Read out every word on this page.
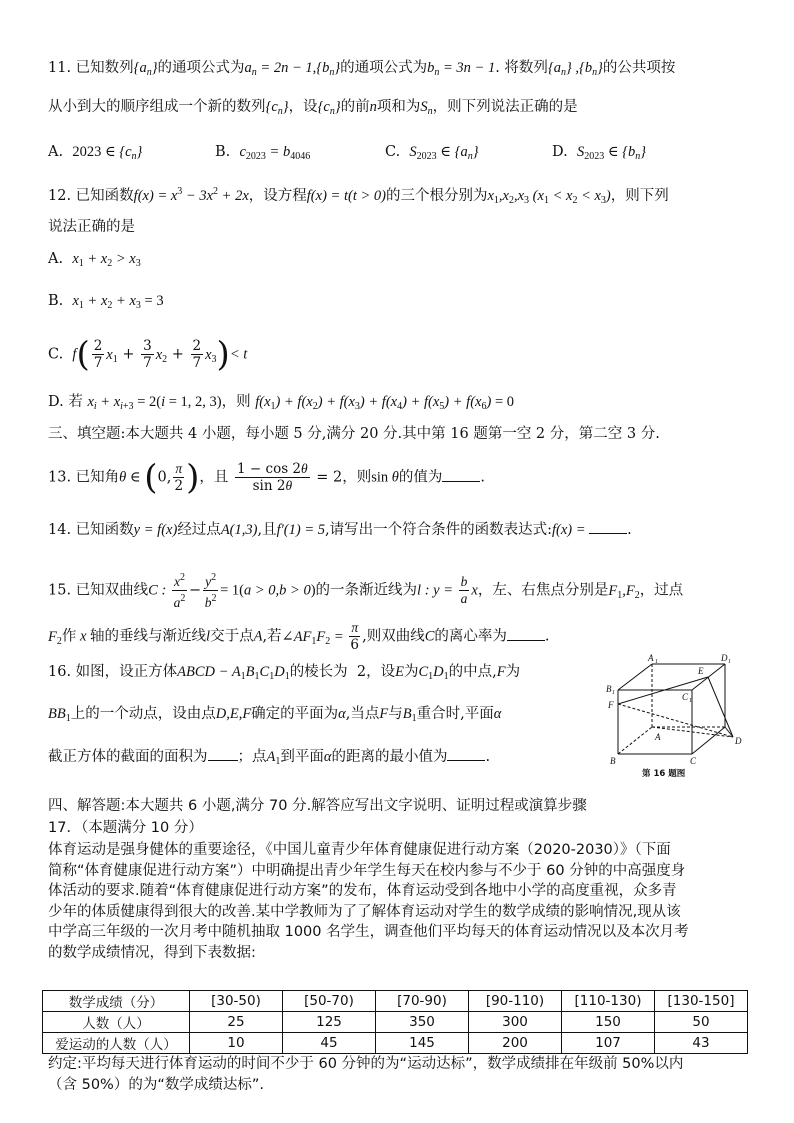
11. 已知数列$\{a_n\}$的通项公式为$a_n = 2n - 1,\{b_n\}$的通项公式为$b_n = 3n - 1$. 将数列$\{a_n\}$ $,\{b_n\}$的公共项按
从小到大的顺序组成一个新的数列$\{c_n\}$，设$\{c_n\}$的前n项和为$S_n$，则下列说法正确的是
A. 2023 ∈ $\{c_n\}$	B. $c_{2023} = b_{4046}$	C. $S_{2023}$ ∈ $\{a_n\}$	D. $S_{2023}$ ∈ $\{b_n\}$
12. 已知函数$f(x) = x^3 - 3x^2 + 2x$，设方程f(x) = t(t > 0)的三个根分别为$x_1,x_2,x_3$ $(x_1 < x_2 < x_3)$，则下列
说法正确的是
A. $x_1 + x_2 > x_3$
B. $x_1 + x_2 + x_3 = 3$
C. $f( \frac{2}{7} x_1 + \frac{3}{7} x_2 + \frac{2}{7} x_3)< t$
D. 若 $x_i + x_{i+3} = 2(i = 1$, 2, 3)，则 $f(x_1) + f(x_2) + f(x_3) + f(x_4) + f(x_5) + f(x_6) = 0$
三、填空题:本大题共 4 小题，每小题 5 分,满分 20 分.其中第 16 题第一空 2 分，第二空 3 分.
13. 已知角θ ∈ (0, $\frac{\pi}{2}$ )，且 $\frac{1 - \cos 2\theta}{\sin 2\theta} = 2$，则sin θ的值为	.
14. 已知函数y = f(x)经过点A(1,3),且f′(1) = 5,请写出一个符合条件的函数表达式:f(x) =	.
15. 已知双曲线C : $\frac{x^2}{a^2} - \frac{y^2}{b^2} = 1(a > 0,b > 0)$的一条渐近线为l : $y = \frac{b}{a}$ x，左、右焦点分别是$F_1,F_2$，过点
$F_2$作 x 轴的垂线与渐近线l交于点A,若$\angle AF_1F_2 = \frac{\pi}{6}$ ,则双曲线C的离心率为	.
16. 如图，设正方体ABCD − $A_1B_1C_1D_1$的棱长为 2，设E为$C_1D_1$的中点,F为
$BB_1$上的一个动点，设由点D,E,F确定的平面为α,当点F与$B_1$重合时,平面α
截正方体的截面的面积为 ；点$A_1$到平面α的距离的最小值为	.
A 1	D 1
E
B 1	C 1
F
A	D
B	C
第 16 题图
四、解答题:本大题共 6 小题,满分 70 分.解答应写出文字说明、证明过程或演算步骤
17．（本题满分 10 分）
体育运动是强身健体的重要途径，《中国儿童青少年体育健康促进行动方案（2020-2030）》（下面
简称“体育健康促进行动方案”）中明确提出青少年学生每天在校内参与不少于 60 分钟的中高强度身
体活动的要求.随着“体育健康促进行动方案”的发布，体育运动受到各地中小学的高度重视，众多青
少年的体质健康得到很大的改善.某中学教师为了了解体育运动对学生的数学成绩的影响情况,现从该
中学高三年级的一次月考中随机抽取 1000 名学生，调查他们平均每天的体育运动情况以及本次月考
的数学成绩情况，得到下表数据:
数学成绩（分）	[30-50)	[50-70)	[70-90)	[90-110)	[110-130)	[130-150]
人数（人）	25	125	350	300	150	50
爱运动的人数（人）	10	45	145	200	107	43
约定:平均每天进行体育运动的时间不少于 60 分钟的为“运动达标”，数学成绩排在年级前 50%以内
（含 50%）的为“数学成绩达标”.
